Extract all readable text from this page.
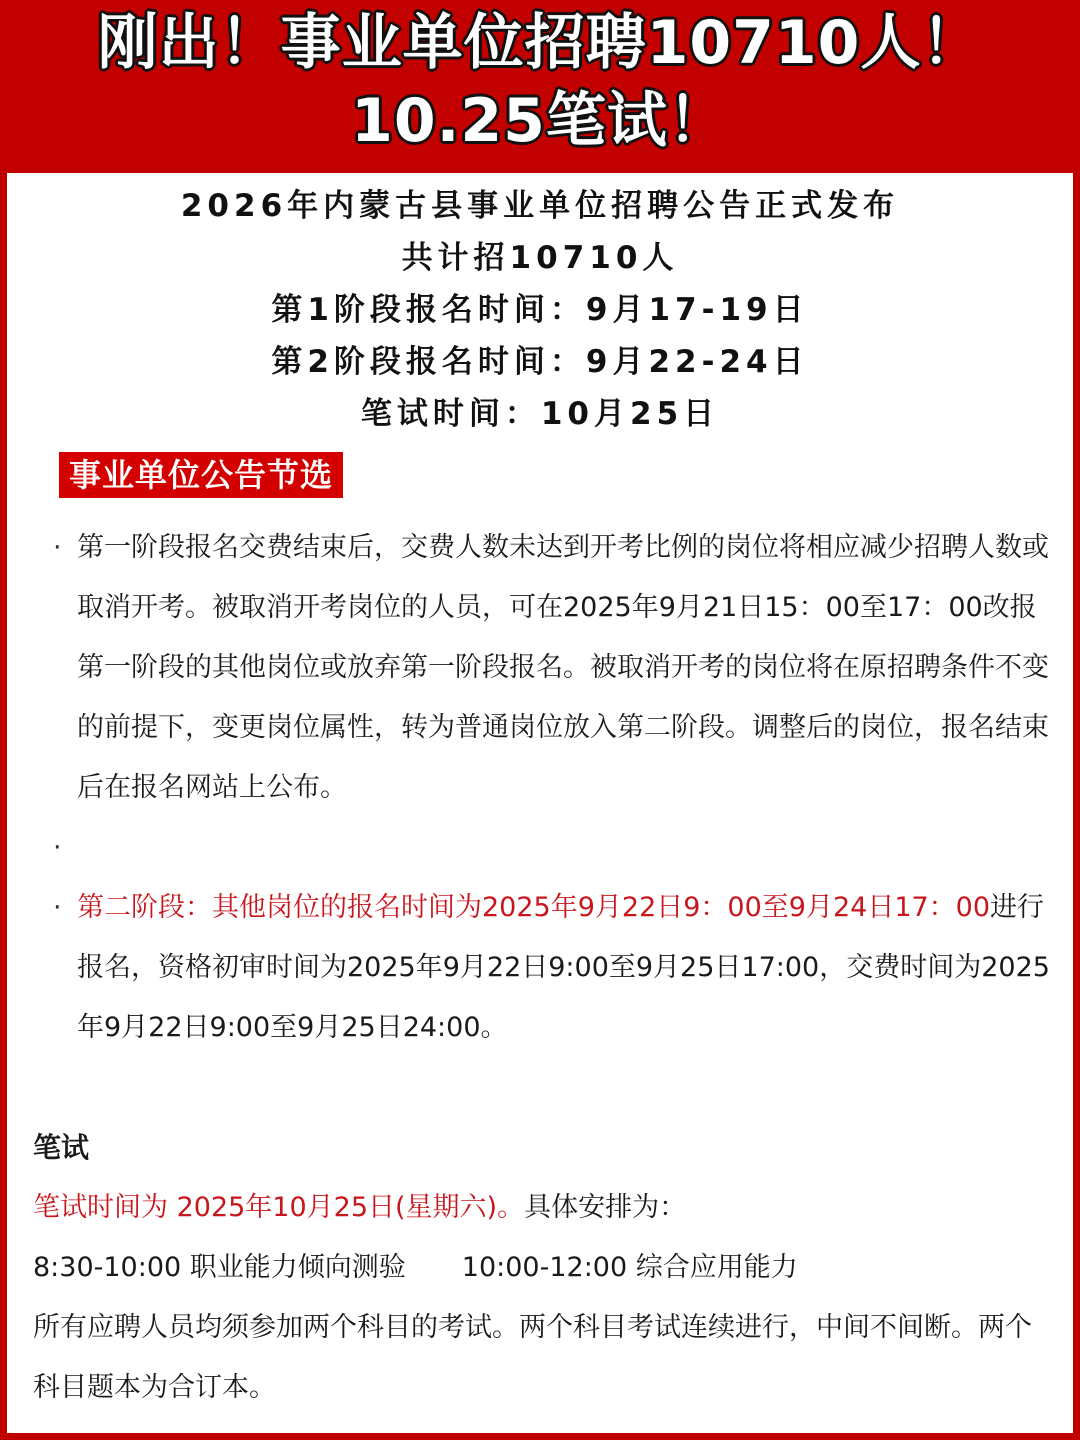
刚出！事业单位招聘10710人！
10.25笔试！
2026年内蒙古县事业单位招聘公告正式发布
共计招10710人
第1阶段报名时间：9月17-19日
第2阶段报名时间：9月22-24日
笔试时间：10月25日
事业单位公告节选
· 第一阶段报名交费结束后，交费人数未达到开考比例的岗位将相应减少招聘人数或取消开考。被取消开考岗位的人员，可在2025年9月21日15：00至17：00改报第一阶段的其他岗位或放弃第一阶段报名。被取消开考的岗位将在原招聘条件不变的前提下，变更岗位属性，转为普通岗位放入第二阶段。调整后的岗位，报名结束后在报名网站上公布。
·
· 第二阶段：其他岗位的报名时间为2025年9月22日9：00至9月24日17：00进行报名，资格初审时间为2025年9月22日9:00至9月25日17:00，交费时间为2025年9月22日9:00至9月25日24:00。
笔试
笔试时间为 2025年10月25日(星期六)。具体安排为：
8:30-10:00 职业能力倾向测验 10:00-12:00 综合应用能力
所有应聘人员均须参加两个科目的考试。两个科目考试连续进行，中间不间断。两个科目题本为合订本。
